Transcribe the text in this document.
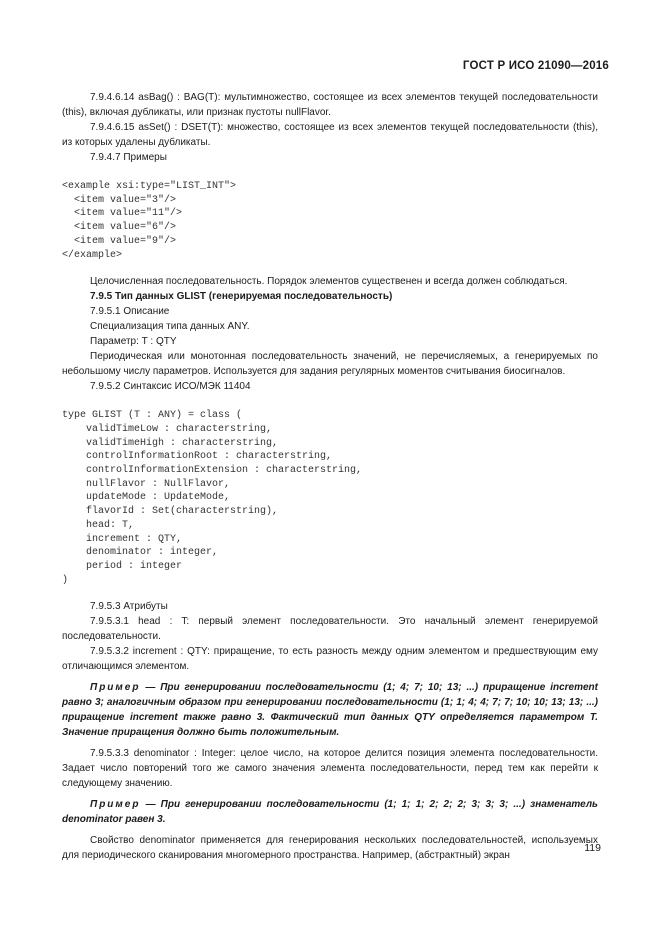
ГОСТ Р ИСО 21090—2016

7.9.4.6.14 asBag() : BAG(T): мультимножество, состоящее из всех элементов текущей последовательности (this), включая дубликаты, или признак пустоты nullFlavor.

7.9.4.6.15 asSet() : DSET(T): множество, состоящее из всех элементов текущей последовательности (this), из которых удалены дубликаты.

7.9.4.7 Примеры

<example xsi:type="LIST_INT">
<item value="3"/>
<item value="11"/>
<item value="6"/>
<item value="9"/>
</example>

Целочисленная последовательность. Порядок элементов существенен и всегда должен соблюдаться.

7.9.5 Тип данных GLIST (генерируемая последовательность)

7.9.5.1 Описание

Специализация типа данных ANY.

Параметр: T : QTY

Периодическая или монотонная последовательность значений, не перечисляемых, а генерируемых по небольшому числу параметров. Используется для задания регулярных моментов считывания биосигналов.

7.9.5.2 Синтаксис ИСО/МЭК 11404

type GLIST (T : ANY) = class (
validTimeLow : characterstring,
validTimeHigh : characterstring,
controlInformationRoot : characterstring,
controlInformationExtension : characterstring,
nullFlavor : NullFlavor,
updateMode : UpdateMode,
flavorId : Set(characterstring),
head: T,
increment : QTY,
denominator : integer,
period : integer
)

7.9.5.3 Атрибуты

7.9.5.3.1 head : T: первый элемент последовательности. Это начальный элемент генерируемой последовательности.

7.9.5.3.2 increment : QTY: приращение, то есть разность между одним элементом и предшествующим ему отличающимся элементом.

Пример — При генерировании последовательности (1; 4; 7; 10; 13; ...) приращение increment равно 3; аналогичным образом при генерировании последовательности (1; 1; 4; 4; 7; 7; 10; 10; 13; 13; ...) приращение increment также равно 3. Фактический тип данных QTY определяется параметром T. Значение приращения должно быть положительным.

7.9.5.3.3 denominator : Integer: целое число, на которое делится позиция элемента последовательности. Задает число повторений того же самого значения элемента последовательности, перед тем как перейти к следующему значению.

Пример — При генерировании последовательности (1; 1; 1; 2; 2; 2; 3; 3; 3; ...) знаменатель denominator равен 3.

Свойство denominator применяется для генерирования нескольких последовательностей, используемых для периодического сканирования многомерного пространства. Например, (абстрактный) экран

119
